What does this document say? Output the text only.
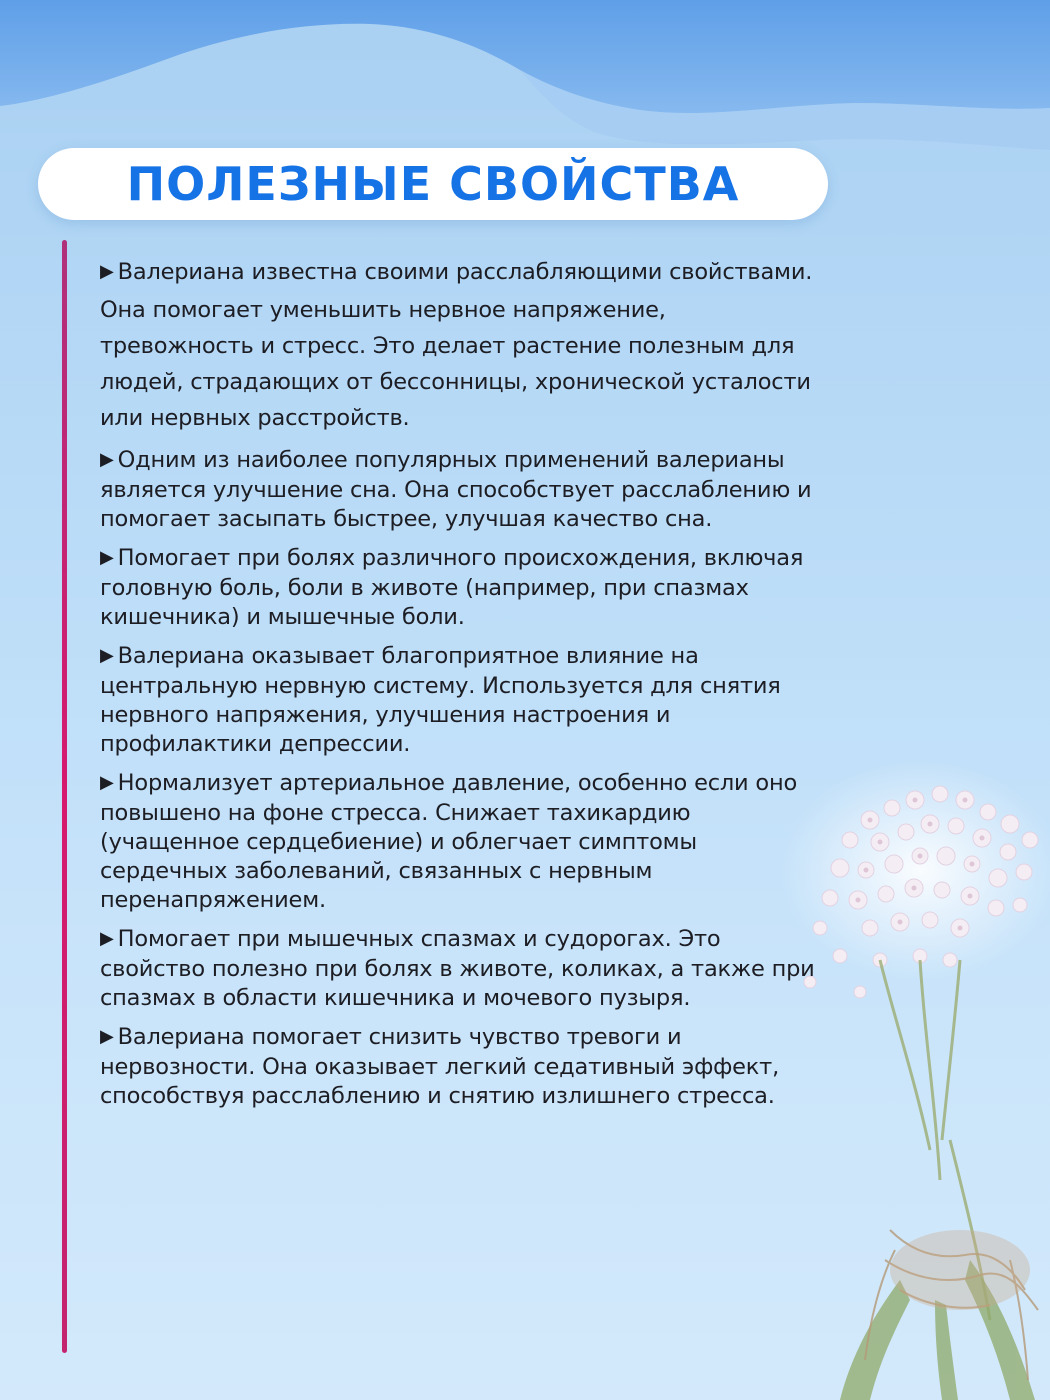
ПОЛЕЗНЫЕ СВОЙСТВА

▶ Валериана известна своими расслабляющими свойствами. Она помогает уменьшить нервное напряжение, тревожность и стресс. Это делает растение полезным для людей, страдающих от бессонницы, хронической усталости или нервных расстройств.

▶ Одним из наиболее популярных применений валерианы является улучшение сна. Она способствует расслаблению и помогает засыпать быстрее, улучшая качество сна.

▶ Помогает при болях различного происхождения, включая головную боль, боли в животе (например, при спазмах кишечника) и мышечные боли.

▶ Валериана оказывает благоприятное влияние на центральную нервную систему. Используется для снятия нервного напряжения, улучшения настроения и профилактики депрессии.

▶ Нормализует артериальное давление, особенно если оно повышено на фоне стресса. Снижает тахикардию (учащенное сердцебиение) и облегчает симптомы сердечных заболеваний, связанных с нервным перенапряжением.

▶ Помогает при мышечных спазмах и судорогах. Это свойство полезно при болях в животе, коликах, а также при спазмах в области кишечника и мочевого пузыря.

▶ Валериана помогает снизить чувство тревоги и нервозности. Она оказывает легкий седативный эффект, способствуя расслаблению и снятию излишнего стресса.
